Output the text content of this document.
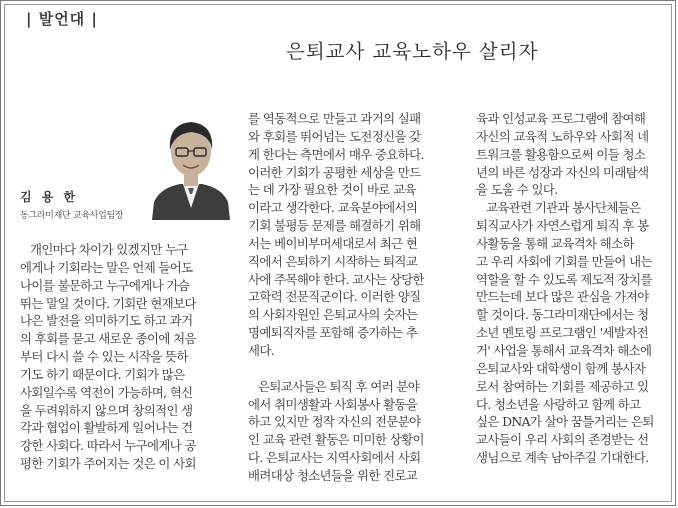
| 발언대 |
은퇴교사 교육노하우 살리자
김 용 한
동그라미재단 교육사업팀장
개인마다 차이가 있겠지만 누구
에게나 기회라는 말은 언제 들어도
나이를 불문하고 누구에게나 가슴
뛰는 말일 것이다. 기회란 현재보다
나은 발전을 의미하기도 하고 과거
의 후회를 묻고 새로운 종이에 처음
부터 다시 쓸 수 있는 시작을 뜻하
기도 하기 때문이다. 기회가 많은
사회일수록 역전이 가능하며, 혁신
을 두려워하지 않으며 창의적인 생
각과 협업이 활발하게 일어나는 건
강한 사회다. 따라서 누구에게나 공
평한 기회가 주어지는 것은 이 사회
를 역동적으로 만들고 과거의 실패
와 후회를 뛰어넘는 도전정신을 갖
게 한다는 측면에서 매우 중요하다.
이러한 기회가 공평한 세상을 만드
는 데 가장 필요한 것이 바로 교육
이라고 생각한다. 교육분야에서의
기회 불평등 문제를 해결하기 위해
서는 베이비부머세대로서 최근 현
직에서 은퇴하기 시작하는 퇴직교
사에 주목해야 한다. 교사는 상당한
고학력 전문직군이다. 이러한 양질
의 사회자원인 은퇴교사의 숫자는
명예퇴직자를 포함해 증가하는 추
세다.
은퇴교사들은 퇴직 후 여러 분야
에서 취미생활과 사회봉사 활동을
하고 있지만 정작 자신의 전문분야
인 교육 관련 활동은 미미한 상황이
다. 은퇴교사는 지역사회에서 사회
배려대상 청소년들을 위한 진로교
육과 인성교육 프로그램에 참여해
자신의 교육적 노하우와 사회적 네
트워크를 활용함으로써 이들 청소
년의 바른 성장과 자신의 미래탐색
을 도울 수 있다.
교육관련 기관과 봉사단체들은
퇴직교사가 자연스럽게 퇴직 후 봉
사활동을 통해 교육격차 해소하
고 우리 사회에 기회를 만들어 내는
역할을 할 수 있도록 제도적 장치를
만드는데 보다 많은 관심을 가져야
할 것이다. 동그라미재단에서는 청
소년 멘토링 프로그램인 '세발자전
거' 사업을 통해서 교육격차 해소에
은퇴교사와 대학생이 함께 봉사자
로서 참여하는 기회를 제공하고 있
다. 청소년을 사랑하고 함께 하고
싶은 DNA가 살아 꿈틀거리는 은퇴
교사들이 우리 사회의 존경받는 선
생님으로 계속 남아주길 기대한다.
